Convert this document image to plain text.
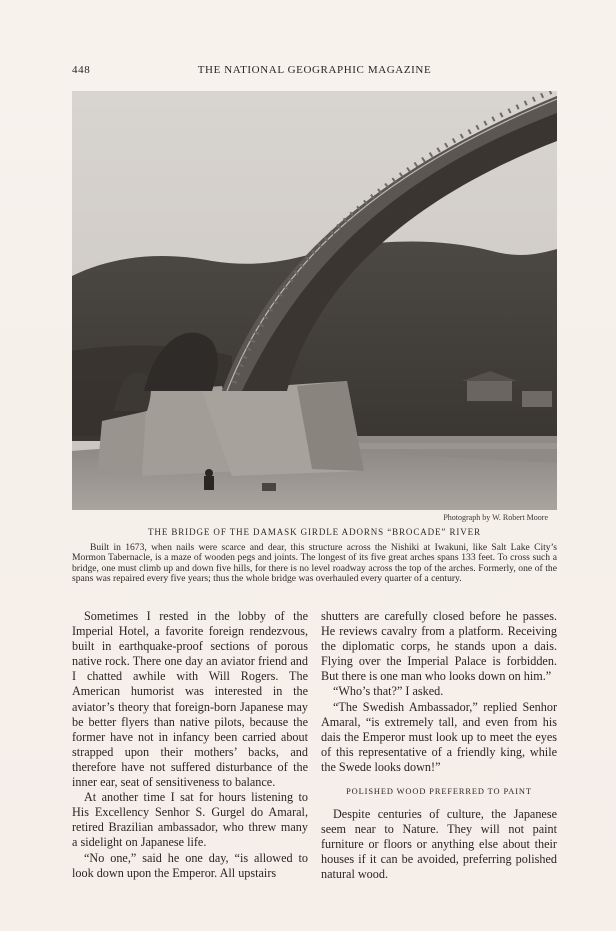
448	THE NATIONAL GEOGRAPHIC MAGAZINE
Photograph by W. Robert Moore
THE BRIDGE OF THE DAMASK GIRDLE ADORNS “BROCADE” RIVER
Built in 1673, when nails were scarce and dear, this structure across the Nishiki at Iwakuni, like Salt Lake City’s Mormon Tabernacle, is a maze of wooden pegs and joints. The longest of its five great arches spans 133 feet. To cross such a bridge, one must climb up and down five hills, for there is no level roadway across the top of the arches. Formerly, one of the spans was repaired every five years; thus the whole bridge was overhauled every quarter of a century.

Sometimes I rested in the lobby of the Imperial Hotel, a favorite foreign rendezvous, built in earthquake-proof sections of porous native rock. There one day an aviator friend and I chatted awhile with Will Rogers. The American humorist was interested in the aviator’s theory that foreign-born Japanese may be better flyers than native pilots, because the former have not in infancy been carried about strapped upon their mothers’ backs, and therefore have not suffered disturbance of the inner ear, seat of sensitiveness to balance.

At another time I sat for hours listening to His Excellency Senhor S. Gurgel do Amaral, retired Brazilian ambassador, who threw many a sidelight on Japanese life.

“No one,” said he one day, “is allowed to look down upon the Emperor. All upstairs

shutters are carefully closed before he passes. He reviews cavalry from a platform. Receiving the diplomatic corps, he stands upon a dais. Flying over the Imperial Palace is forbidden. But there is one man who looks down on him.”

“Who’s that?” I asked.

“The Swedish Ambassador,” replied Senhor Amaral, “is extremely tall, and even from his dais the Emperor must look up to meet the eyes of this representative of a friendly king, while the Swede looks down!”

POLISHED WOOD PREFERRED TO PAINT

Despite centuries of culture, the Japanese seem near to Nature. They will not paint furniture or floors or anything else about their houses if it can be avoided, preferring polished natural wood.
